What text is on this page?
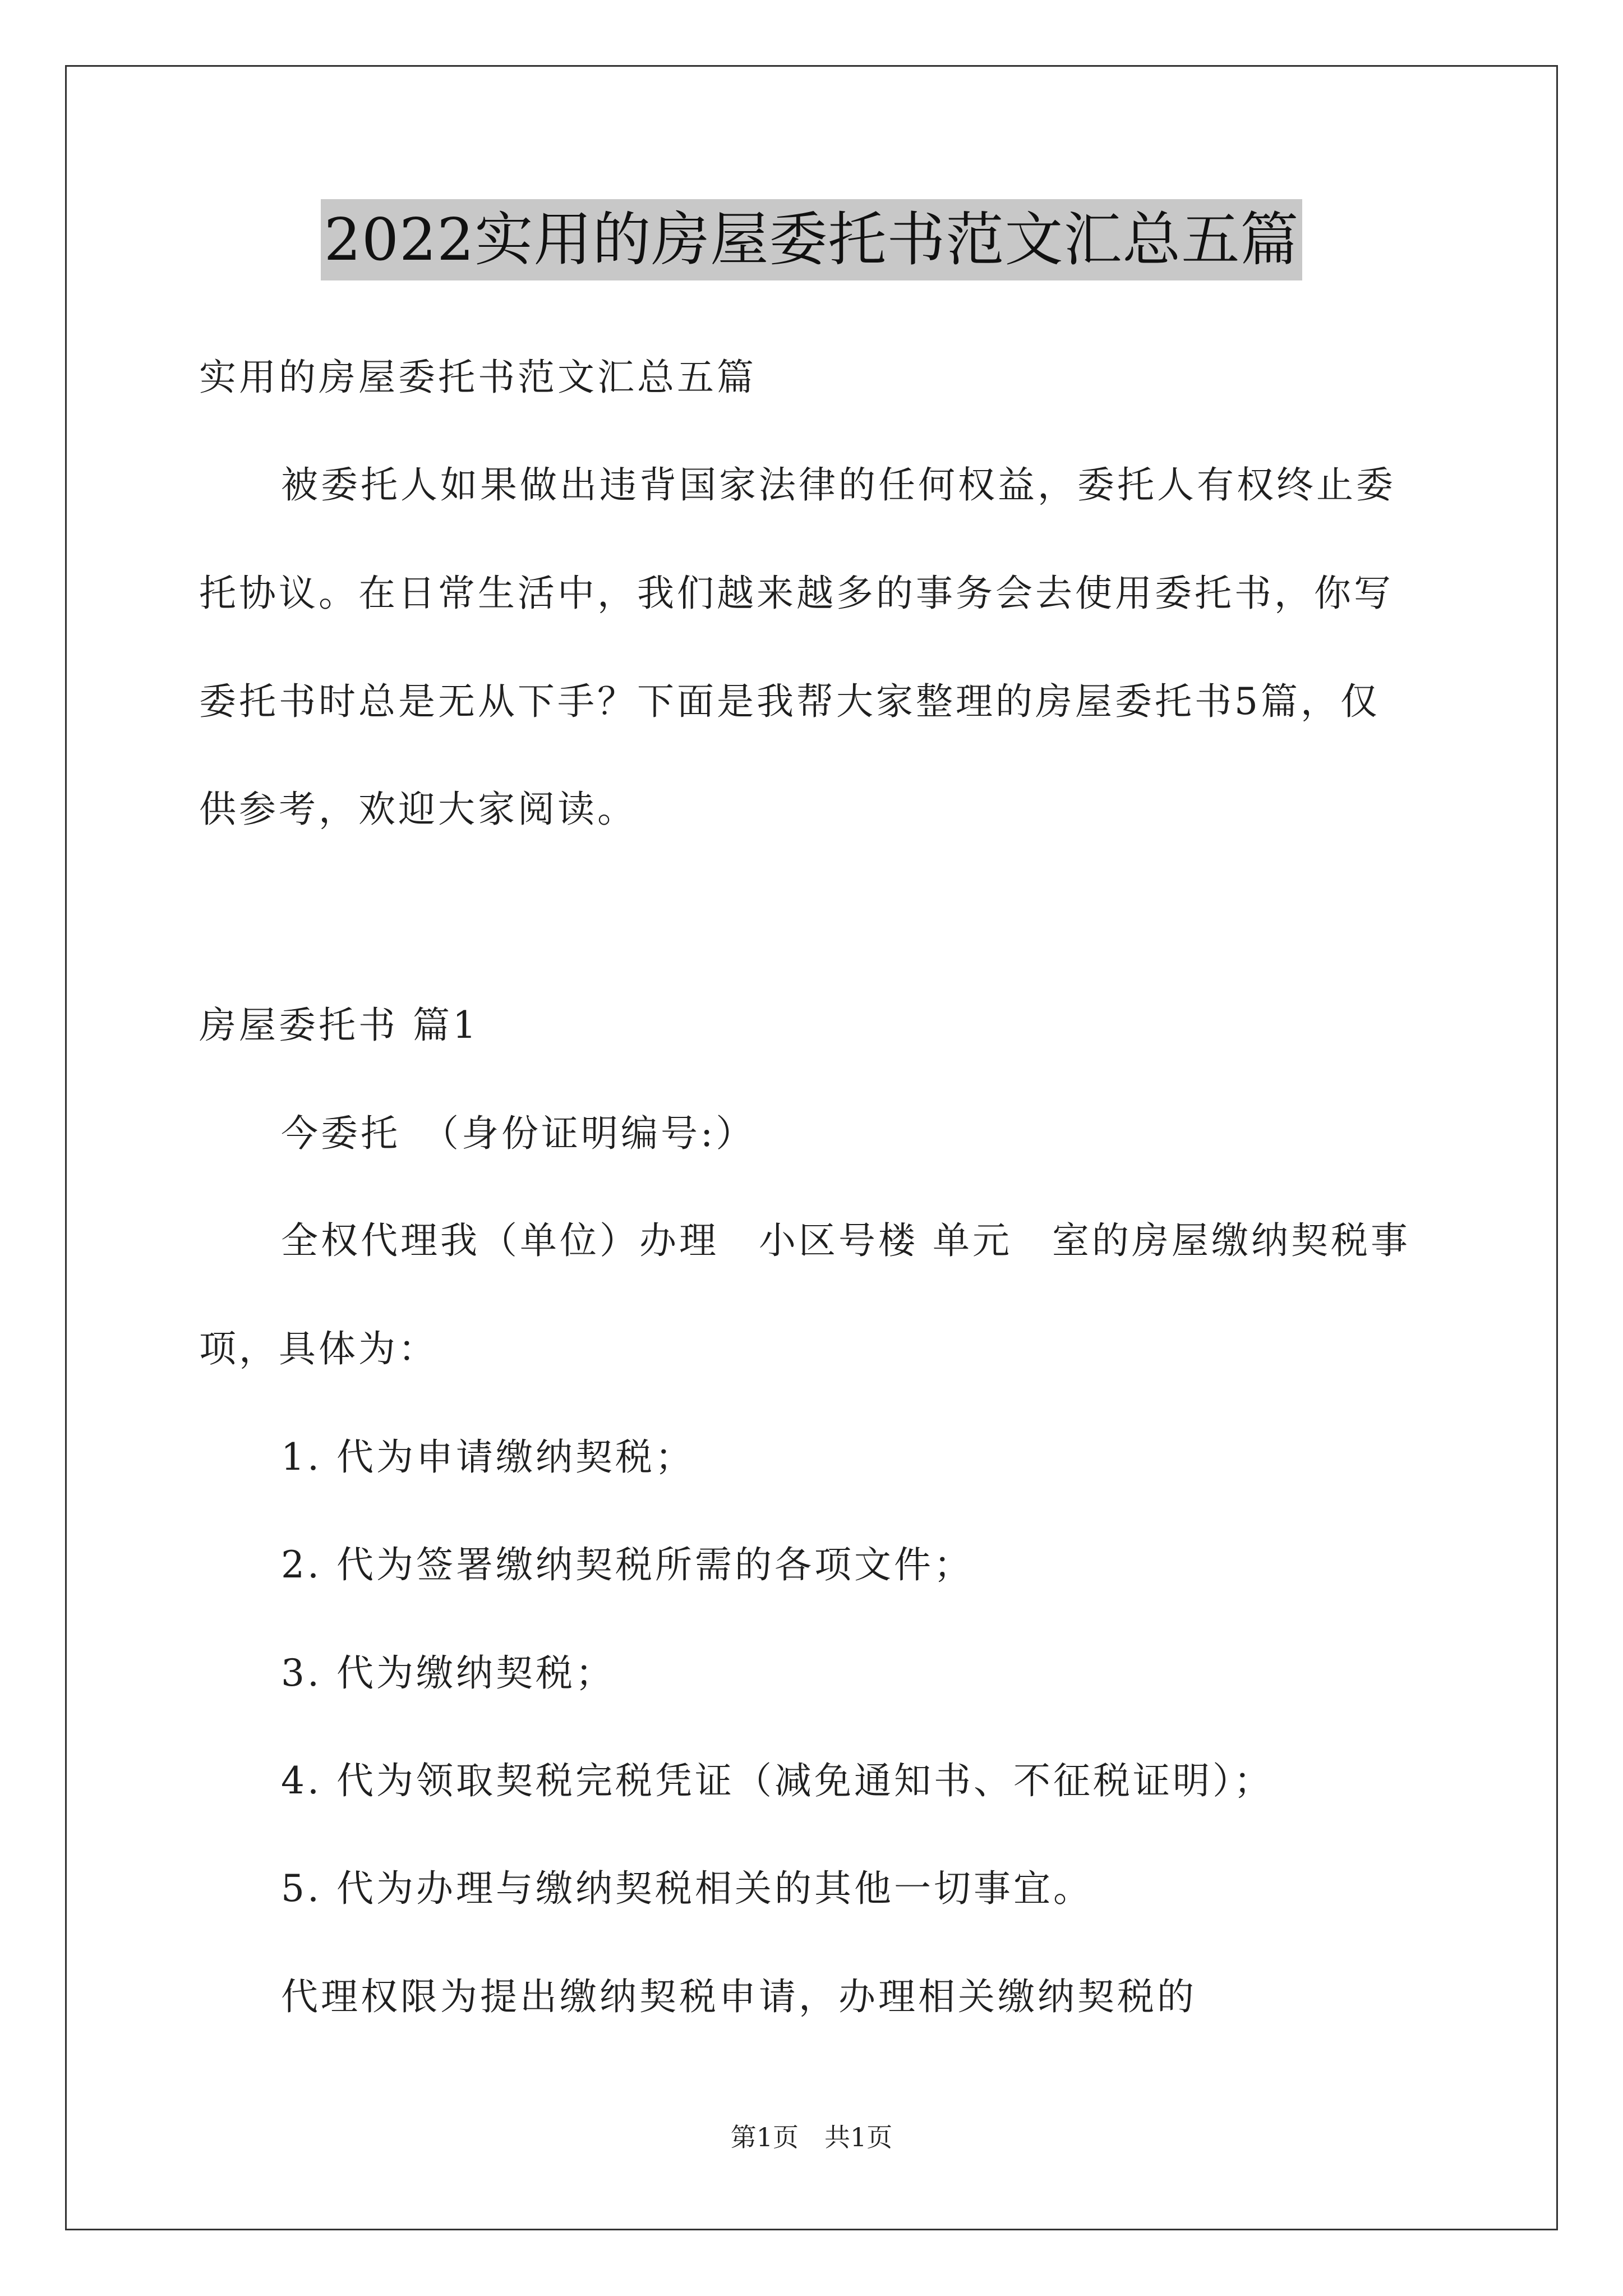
2022实用的房屋委托书范文汇总五篇
实用的房屋委托书范文汇总五篇
被委托人如果做出违背国家法律的任何权益，委托人有权终止委
托协议。在日常生活中，我们越来越多的事务会去使用委托书，你写
委托书时总是无从下手？下面是我帮大家整理的房屋委托书5篇，仅
供参考，欢迎大家阅读。
房屋委托书 篇1
今委托　（身份证明编号:）
全权代理我（单位）办理　小区号楼 单元　室的房屋缴纳契税事
项，具体为：
1. 代为申请缴纳契税；
2. 代为签署缴纳契税所需的各项文件；
3. 代为缴纳契税；
4. 代为领取契税完税凭证（减免通知书、不征税证明）；
5. 代为办理与缴纳契税相关的其他一切事宜。
代理权限为提出缴纳契税申请，办理相关缴纳契税的
第1页　共1页
